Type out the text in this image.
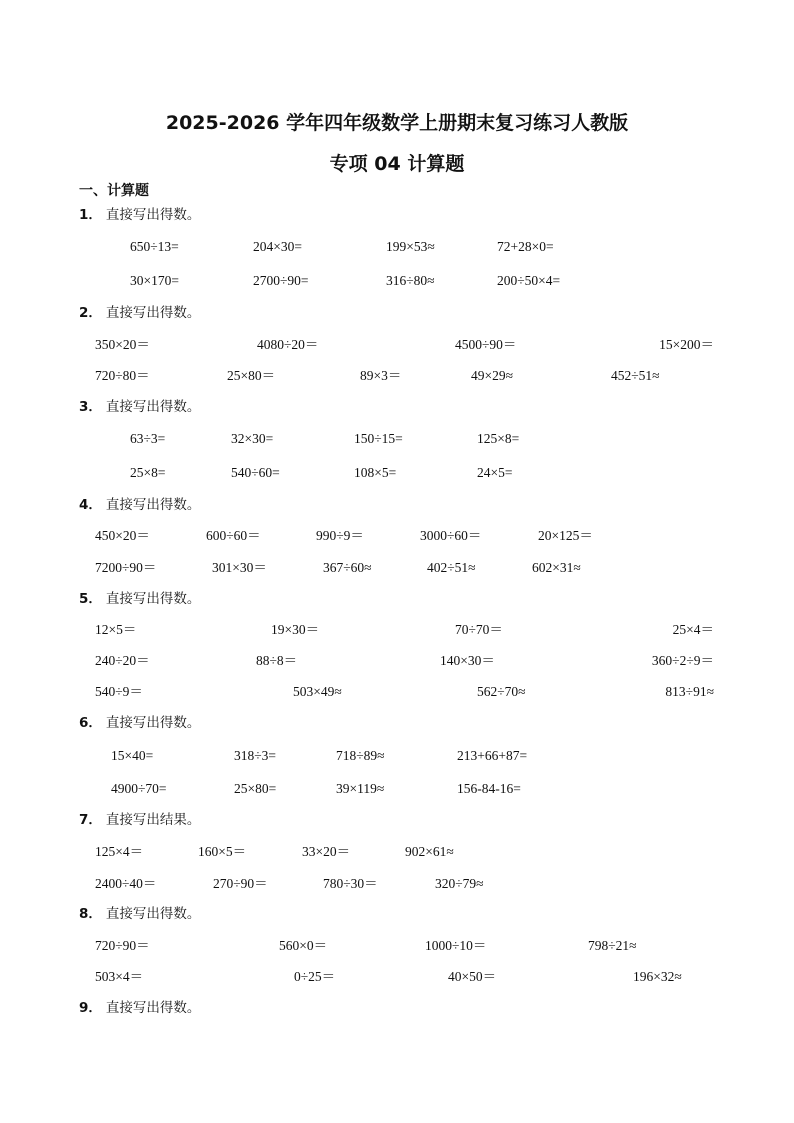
2025-2026 学年四年级数学上册期末复习练习人教版
专项 04 计算题
一、计算题
1． 直接写出得数。
650÷13=	204×30=	199×53≈	72+28×0=
30×170=	2700÷90=	316÷80≈	200÷50×4=
2． 直接写出得数。
350×20＝	4080÷20＝	4500÷90＝	15×200＝
720÷80＝	25×80＝	89×3＝	49×29≈	452÷51≈
3． 直接写出得数。
63÷3=	32×30=	150÷15=	125×8=
25×8=	540÷60=	108×5=	24×5=
4． 直接写出得数。
450×20＝	600÷60＝	990÷9＝	3000÷60＝	20×125＝
7200÷90＝	301×30＝	367÷60≈	402÷51≈	602×31≈
5． 直接写出得数。
12×5＝	19×30＝	70÷70＝	25×4＝
240÷20＝	88÷8＝	140×30＝	360÷2÷9＝
540÷9＝	503×49≈	562÷70≈	813÷91≈
6． 直接写出得数。
15×40=	318÷3=	718÷89≈	213+66+87=
4900÷70=	25×80=	39×119≈	156-84-16=
7． 直接写出结果。
125×4＝	160×5＝	33×20＝	902×61≈
2400÷40＝	270÷90＝	780÷30＝	320÷79≈
8． 直接写出得数。
720÷90＝	560×0＝	1000÷10＝	798÷21≈
503×4＝	0÷25＝	40×50＝	196×32≈
9． 直接写出得数。
